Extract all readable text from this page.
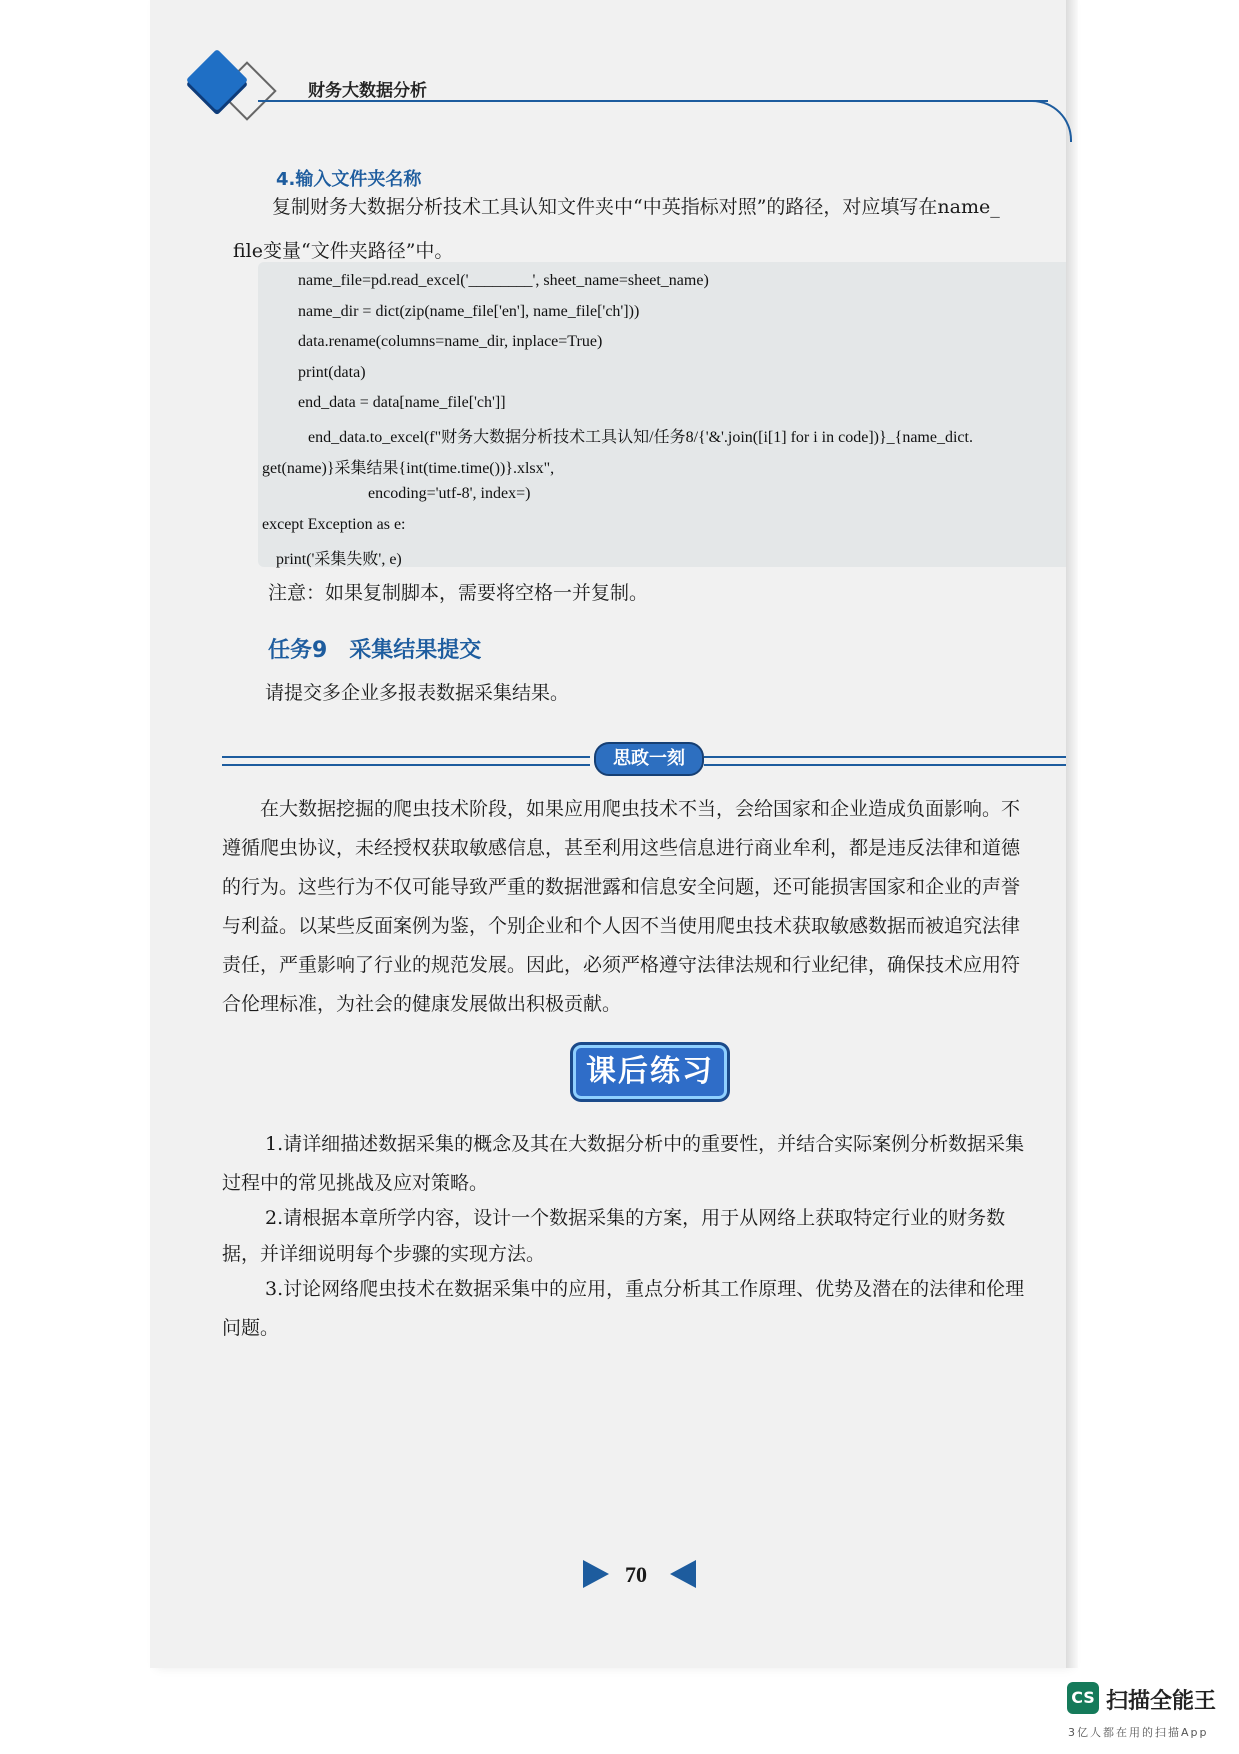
财务大数据分析
4.输入文件夹名称
复制财务大数据分析技术工具认知文件夹中“中英指标对照”的路径，对应填写在name_
file变量“文件夹路径”中。
name_file=pd.read_excel('________', sheet_name=sheet_name)
name_dir = dict(zip(name_file['en'], name_file['ch']))
data.rename(columns=name_dir, inplace=True)
print(data)
end_data = data[name_file['ch']]
end_data.to_excel(f"财务大数据分析技术工具认知/任务8/{'&'.join([i[1] for i in code])}_{name_dict.
get(name)}采集结果{int(time.time())}.xlsx",
encoding='utf-8', index=)
except Exception as e:
print('采集失败', e)
注意：如果复制脚本，需要将空格一并复制。
任务9　采集结果提交
请提交多企业多报表数据采集结果。
思政一刻
在大数据挖掘的爬虫技术阶段，如果应用爬虫技术不当，会给国家和企业造成负面影响。不
遵循爬虫协议，未经授权获取敏感信息，甚至利用这些信息进行商业牟利，都是违反法律和道德
的行为。这些行为不仅可能导致严重的数据泄露和信息安全问题，还可能损害国家和企业的声誉
与利益。以某些反面案例为鉴，个别企业和个人因不当使用爬虫技术获取敏感数据而被追究法律
责任，严重影响了行业的规范发展。因此，必须严格遵守法律法规和行业纪律，确保技术应用符
合伦理标准，为社会的健康发展做出积极贡献。
课后练习
1.请详细描述数据采集的概念及其在大数据分析中的重要性，并结合实际案例分析数据采集
过程中的常见挑战及应对策略。
2.请根据本章所学内容，设计一个数据采集的方案，用于从网络上获取特定行业的财务数
据，并详细说明每个步骤的实现方法。
3.讨论网络爬虫技术在数据采集中的应用，重点分析其工作原理、优势及潜在的法律和伦理
问题。
70
CS 扫描全能王
3亿人都在用的扫描App
